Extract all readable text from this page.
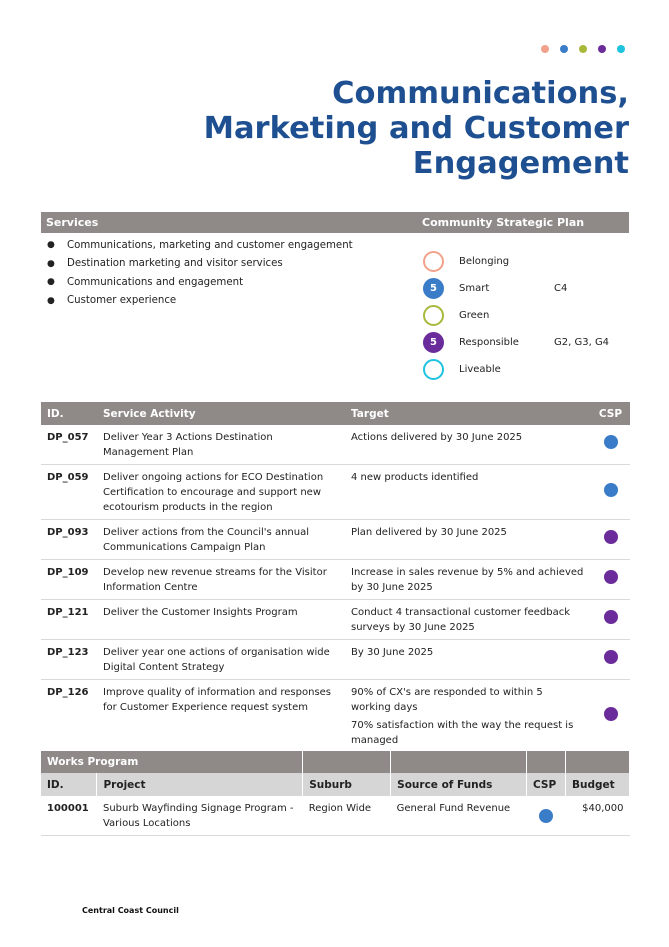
Communications,
Marketing and Customer
Engagement
Services	Community Strategic Plan
●	Communications, marketing and customer engagement
●	Destination marketing and visitor services
●	Communications and engagement
●	Customer experience
Belonging
5	Smart	C4
Green
5	Responsible	G2, G3, G4
Liveable
ID.	Service Activity	Target	CSP
DP_057	Deliver Year 3 Actions Destination Management Plan	Actions delivered by 30 June 2025	

DP_059	Deliver ongoing actions for ECO Destination Certification to encourage and support new ecotourism products in the region	4 new products identified	

DP_093	Deliver actions from the Council's annual Communications Campaign Plan	Plan delivered by 30 June 2025	

DP_109	Develop new revenue streams for the Visitor Information Centre	Increase in sales revenue by 5% and achieved by 30 June 2025	

DP_121	Deliver the Customer Insights Program	Conduct 4 transactional customer feedback surveys by 30 June 2025	

DP_123	Deliver year one actions of organisation wide Digital Content Strategy	By 30 June 2025	

DP_126	Improve quality of information and responses for Customer Experience request system	90% of CX's are responded to within 5 working days
70% satisfaction with the way the request is managed	

Works Program					
ID.	Project	Suburb	Source of Funds	CSP	Budget
100001	Suburb Wayfinding Signage Program - Various Locations	Region Wide	General Fund Revenue		$40,000
Central Coast Council
